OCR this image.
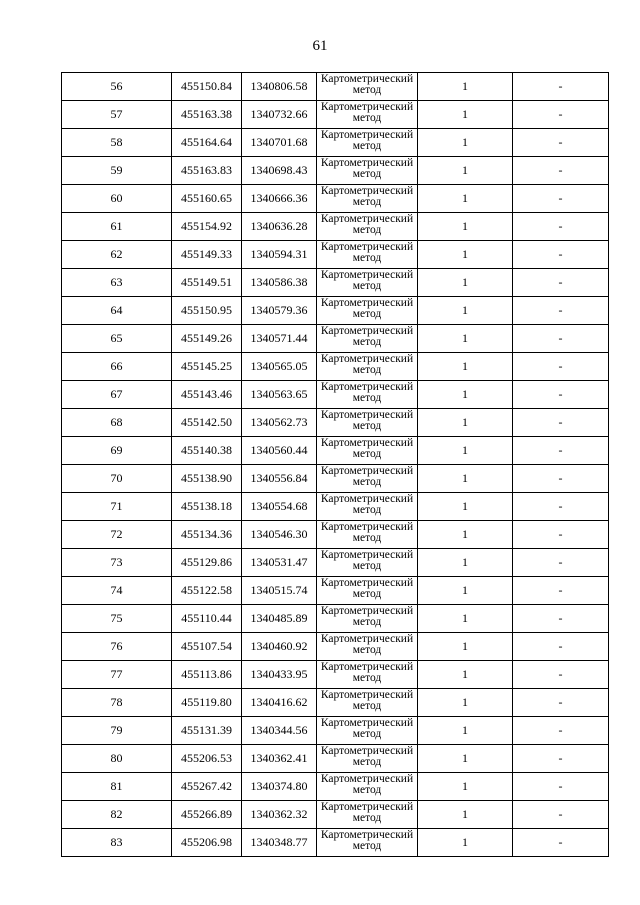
61
56	455150.84	1340806.58	Картометрический метод	1	-
57	455163.38	1340732.66	Картометрический метод	1	-
58	455164.64	1340701.68	Картометрический метод	1	-
59	455163.83	1340698.43	Картометрический метод	1	-
60	455160.65	1340666.36	Картометрический метод	1	-
61	455154.92	1340636.28	Картометрический метод	1	-
62	455149.33	1340594.31	Картометрический метод	1	-
63	455149.51	1340586.38	Картометрический метод	1	-
64	455150.95	1340579.36	Картометрический метод	1	-
65	455149.26	1340571.44	Картометрический метод	1	-
66	455145.25	1340565.05	Картометрический метод	1	-
67	455143.46	1340563.65	Картометрический метод	1	-
68	455142.50	1340562.73	Картометрический метод	1	-
69	455140.38	1340560.44	Картометрический метод	1	-
70	455138.90	1340556.84	Картометрический метод	1	-
71	455138.18	1340554.68	Картометрический метод	1	-
72	455134.36	1340546.30	Картометрический метод	1	-
73	455129.86	1340531.47	Картометрический метод	1	-
74	455122.58	1340515.74	Картометрический метод	1	-
75	455110.44	1340485.89	Картометрический метод	1	-
76	455107.54	1340460.92	Картометрический метод	1	-
77	455113.86	1340433.95	Картометрический метод	1	-
78	455119.80	1340416.62	Картометрический метод	1	-
79	455131.39	1340344.56	Картометрический метод	1	-
80	455206.53	1340362.41	Картометрический метод	1	-
81	455267.42	1340374.80	Картометрический метод	1	-
82	455266.89	1340362.32	Картометрический метод	1	-
83	455206.98	1340348.77	Картометрический метод	1	-
